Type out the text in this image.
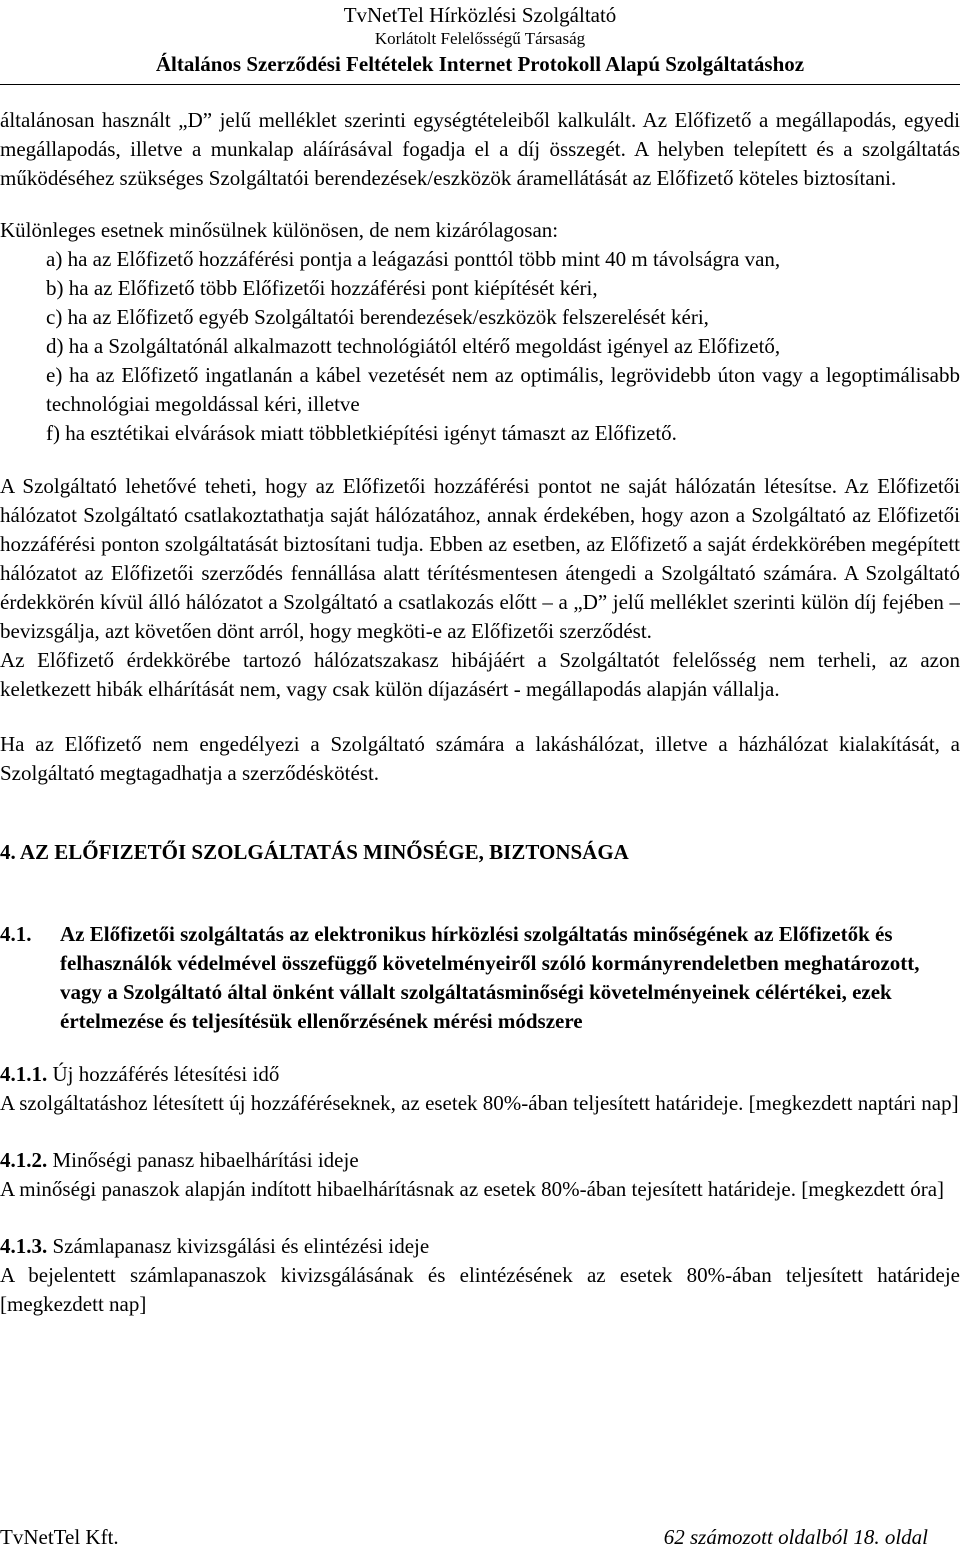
TvNetTel Hírközlési Szolgáltató
Korlátolt Felelősségű Társaság
Általános Szerződési Feltételek Internet Protokoll Alapú Szolgáltatáshoz

általánosan használt „D” jelű melléklet szerinti egységtételeiből kalkulált. Az Előfizető a megállapodás, egyedi megállapodás, illetve a munkalap aláírásával fogadja el a díj összegét. A helyben telepített és a szolgáltatás működéséhez szükséges Szolgáltatói berendezések/eszközök áramellátását az Előfizető köteles biztosítani.

Különleges esetnek minősülnek különösen, de nem kizárólagosan:

a) ha az Előfizető hozzáférési pontja a leágazási ponttól több mint 40 m távolságra van,
b) ha az Előfizető több Előfizetői hozzáférési pont kiépítését kéri,
c) ha az Előfizető egyéb Szolgáltatói berendezések/eszközök felszerelését kéri,
d) ha a Szolgáltatónál alkalmazott technológiától eltérő megoldást igényel az Előfizető,
e) ha az Előfizető ingatlanán a kábel vezetését nem az optimális, legrövidebb úton vagy a legoptimálisabb technológiai megoldással kéri, illetve
f) ha esztétikai elvárások miatt többletkiépítési igényt támaszt az Előfizető.

A Szolgáltató lehetővé teheti, hogy az Előfizetői hozzáférési pontot ne saját hálózatán létesítse. Az Előfizetői hálózatot Szolgáltató csatlakoztathatja saját hálózatához, annak érdekében, hogy azon a Szolgáltató az Előfizetői hozzáférési ponton szolgáltatását biztosítani tudja. Ebben az esetben, az Előfizető a saját érdekkörében megépített hálózatot az Előfizetői szerződés fennállása alatt térítésmentesen átengedi a Szolgáltató számára. A Szolgáltató érdekkörén kívül álló hálózatot a Szolgáltató a csatlakozás előtt – a „D” jelű melléklet szerinti külön díj fejében – bevizsgálja, azt követően dönt arról, hogy megköti-e az Előfizetői szerződést.

Az Előfizető érdekkörébe tartozó hálózatszakasz hibájáért a Szolgáltatót felelősség nem terheli, az azon keletkezett hibák elhárítását nem, vagy csak külön díjazásért - megállapodás alapján vállalja.

Ha az Előfizető nem engedélyezi a Szolgáltató számára a lakáshálózat, illetve a házhálózat kialakítását, a Szolgáltató megtagadhatja a szerződéskötést.

4. AZ ELŐFIZETŐI SZOLGÁLTATÁS MINŐSÉGE, BIZTONSÁGA

4.1. Az Előfizetői szolgáltatás az elektronikus hírközlési szolgáltatás minőségének az Előfizetők és felhasználók védelmével összefüggő követelményeiről szóló kormányrendeletben meghatározott, vagy a Szolgáltató által önként vállalt szolgáltatásminőségi követelményeinek célértékei, ezek értelmezése és teljesítésük ellenőrzésének mérési módszere
4.1.1. Új hozzáférés létesítési idő

A szolgáltatáshoz létesített új hozzáféréseknek, az esetek 80%-ában teljesített határideje. [megkezdett naptári nap]

4.1.2. Minőségi panasz hibaelhárítási ideje

A minőségi panaszok alapján indított hibaelhárításnak az esetek 80%-ában tejesített határideje. [megkezdett óra]

4.1.3. Számlapanasz kivizsgálási és elintézési ideje

A bejelentett számlapanaszok kivizsgálásának és elintézésének az esetek 80%-ában teljesített határideje [megkezdett nap]

TvNetTel Kft.	62 számozott oldalból 18. oldal
